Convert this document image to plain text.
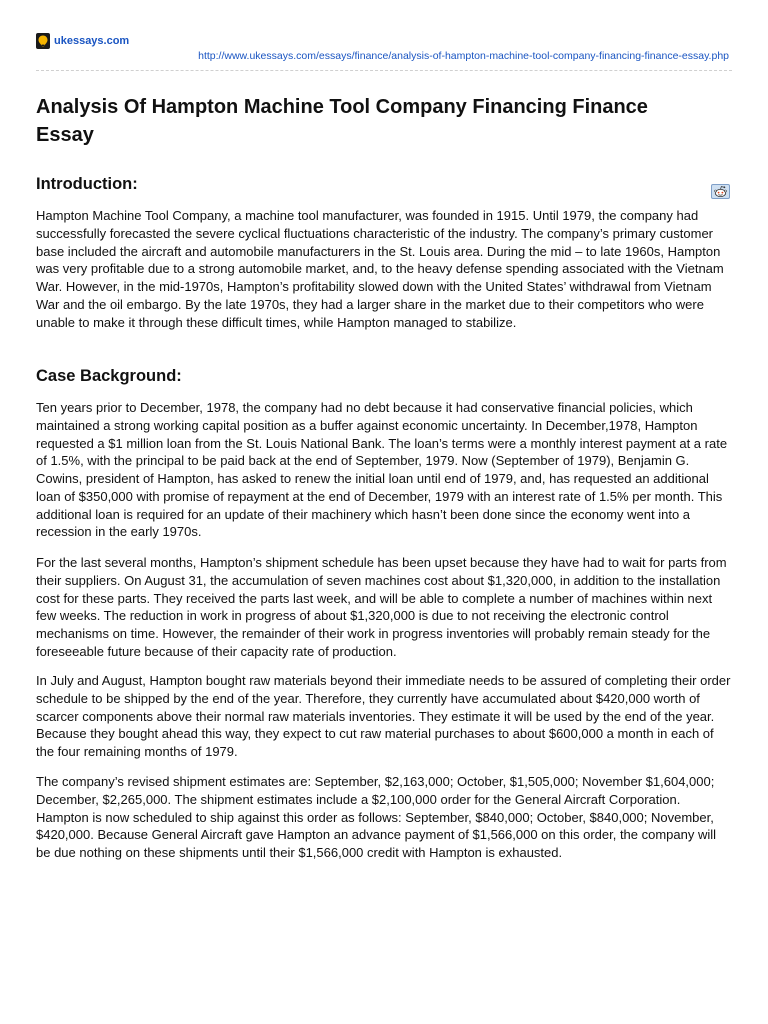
ukessays.com
http://www.ukessays.com/essays/finance/analysis-of-hampton-machine-tool-company-financing-finance-essay.php
Analysis Of Hampton Machine Tool Company Financing Finance Essay
Introduction:

Hampton Machine Tool Company, a machine tool manufacturer, was founded in 1915. Until 1979, the company had successfully forecasted the severe cyclical fluctuations characteristic of the industry. The company’s primary customer base included the aircraft and automobile manufacturers in the St. Louis area. During the mid – to late 1960s, Hampton was very profitable due to a strong automobile market, and, to the heavy defense spending associated with the Vietnam War. However, in the mid-1970s, Hampton’s profitability slowed down with the United States’ withdrawal from Vietnam War and the oil embargo. By the late 1970s, they had a larger share in the market due to their competitors who were unable to make it through these difficult times, while Hampton managed to stabilize.

Case Background:

Ten years prior to December, 1978, the company had no debt because it had conservative financial policies, which maintained a strong working capital position as a buffer against economic uncertainty. In December,1978, Hampton requested a $1 million loan from the St. Louis National Bank. The loan’s terms were a monthly interest payment at a rate of 1.5%, with the principal to be paid back at the end of September, 1979. Now (September of 1979), Benjamin G. Cowins, president of Hampton, has asked to renew the initial loan until end of 1979, and, has requested an additional loan of $350,000 with promise of repayment at the end of December, 1979 with an interest rate of 1.5% per month. This additional loan is required for an update of their machinery which hasn’t been done since the economy went into a recession in the early 1970s.

For the last several months, Hampton’s shipment schedule has been upset because they have had to wait for parts from their suppliers. On August 31, the accumulation of seven machines cost about $1,320,000, in addition to the installation cost for these parts. They received the parts last week, and will be able to complete a number of machines within next few weeks. The reduction in work in progress of about $1,320,000 is due to not receiving the electronic control mechanisms on time. However, the remainder of their work in progress inventories will probably remain steady for the foreseeable future because of their capacity rate of production.

In July and August, Hampton bought raw materials beyond their immediate needs to be assured of completing their order schedule to be shipped by the end of the year. Therefore, they currently have accumulated about $420,000 worth of scarcer components above their normal raw materials inventories. They estimate it will be used by the end of the year. Because they bought ahead this way, they expect to cut raw material purchases to about $600,000 a month in each of the four remaining months of 1979.

The company’s revised shipment estimates are: September, $2,163,000; October, $1,505,000; November $1,604,000; December, $2,265,000. The shipment estimates include a $2,100,000 order for the General Aircraft Corporation. Hampton is now scheduled to ship against this order as follows: September, $840,000; October, $840,000; November, $420,000. Because General Aircraft gave Hampton an advance payment of $1,566,000 on this order, the company will be due nothing on these shipments until their $1,566,000 credit with Hampton is exhausted.
